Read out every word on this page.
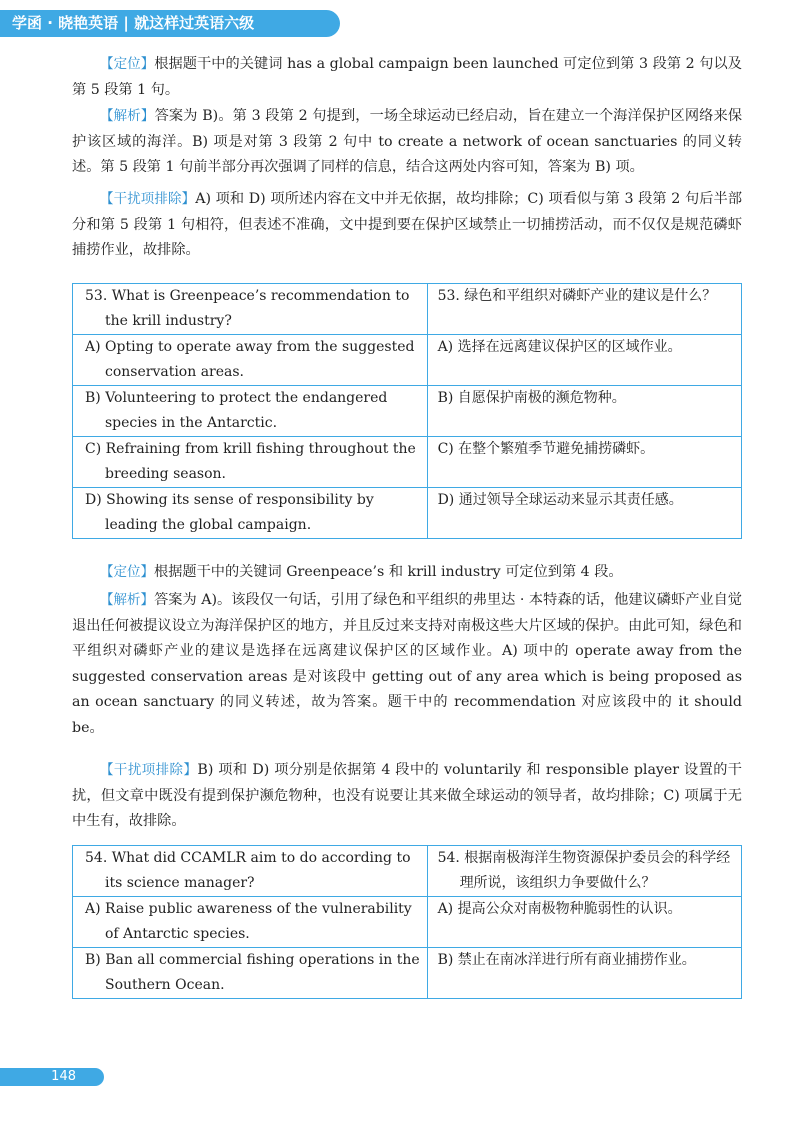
学函 · 晓艳英语 | 就这样过英语六级

【定位】根据题干中的关键词 has a global campaign been launched 可定位到第 3 段第 2 句以及第 5 段第 1 句。

【解析】答案为 B)。第 3 段第 2 句提到，一场全球运动已经启动，旨在建立一个海洋保护区网络来保护该区域的海洋。B) 项是对第 3 段第 2 句中 to create a network of ocean sanctuaries 的同义转述。第 5 段第 1 句前半部分再次强调了同样的信息，结合这两处内容可知，答案为 B) 项。

【干扰项排除】A) 项和 D) 项所述内容在文中并无依据，故均排除；C) 项看似与第 3 段第 2 句后半部分和第 5 段第 1 句相符，但表述不准确，文中提到要在保护区域禁止一切捕捞活动，而不仅仅是规范磷虾捕捞作业，故排除。

53. What is Greenpeace’s recommendation to the krill industry?	53. 绿色和平组织对磷虾产业的建议是什么？

A) Opting to operate away from the suggested conservation areas.	A) 选择在远离建议保护区的区域作业。

B) Volunteering to protect the endangered species in the Antarctic.	B) 自愿保护南极的濒危物种。

C) Refraining from krill fishing throughout the breeding season.	C) 在整个繁殖季节避免捕捞磷虾。

D) Showing its sense of responsibility by leading the global campaign.	D) 通过领导全球运动来显示其责任感。

【定位】根据题干中的关键词 Greenpeace’s 和 krill industry 可定位到第 4 段。

【解析】答案为 A)。该段仅一句话，引用了绿色和平组织的弗里达 · 本特森的话，他建议磷虾产业自觉退出任何被提议设立为海洋保护区的地方，并且反过来支持对南极这些大片区域的保护。由此可知，绿色和平组织对磷虾产业的建议是选择在远离建议保护区的区域作业。A) 项中的 operate away from the suggested conservation areas 是对该段中 getting out of any area which is being proposed as an ocean sanctuary 的同义转述，故为答案。题干中的 recommendation 对应该段中的 it should be。

【干扰项排除】B) 项和 D) 项分别是依据第 4 段中的 voluntarily 和 responsible player 设置的干扰，但文章中既没有提到保护濒危物种，也没有说要让其来做全球运动的领导者，故均排除；C) 项属于无中生有，故排除。

54. What did CCAMLR aim to do according to its science manager?	54. 根据南极海洋生物资源保护委员会的科学经理所说，该组织力争要做什么？

A) Raise public awareness of the vulnerability of Antarctic species.	A) 提高公众对南极物种脆弱性的认识。

B) Ban all commercial fishing operations in the Southern Ocean.	B) 禁止在南冰洋进行所有商业捕捞作业。
148
